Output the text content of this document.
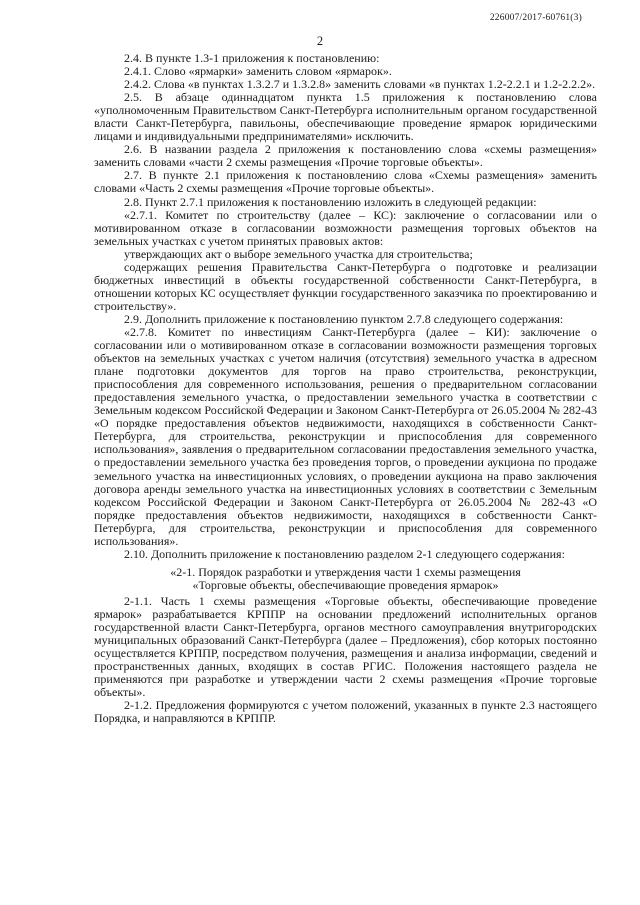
226007/2017-60761(3)
2

2.4. В пункте 1.3-1 приложения к постановлению:

2.4.1. Слово «ярмарки» заменить словом «ярмарок».

2.4.2. Слова «в пунктах 1.3.2.7 и 1.3.2.8» заменить словами «в пунктах 1.2-2.2.1 и 1.2-2.2.2».

2.5. В абзаце одиннадцатом пункта 1.5 приложения к постановлению слова «уполномоченным Правительством Санкт-Петербурга исполнительным органом государственной власти Санкт-Петербурга, павильоны, обеспечивающие проведение ярмарок юридическими лицами и индивидуальными предпринимателями» исключить.

2.6. В названии раздела 2 приложения к постановлению слова «схемы размещения» заменить словами «части 2 схемы размещения «Прочие торговые объекты».

2.7. В пункте 2.1 приложения к постановлению слова «Схемы размещения» заменить словами «Часть 2 схемы размещения «Прочие торговые объекты».

2.8. Пункт 2.7.1 приложения к постановлению изложить в следующей редакции:

«2.7.1. Комитет по строительству (далее – КС): заключение о согласовании или о мотивированном отказе в согласовании возможности размещения торговых объектов на земельных участках с учетом принятых правовых актов:

утверждающих акт о выборе земельного участка для строительства;

содержащих решения Правительства Санкт-Петербурга о подготовке и реализации бюджетных инвестиций в объекты государственной собственности Санкт-Петербурга, в отношении которых КС осуществляет функции государственного заказчика по проектированию и строительству».

2.9. Дополнить приложение к постановлению пунктом 2.7.8 следующего содержания:

«2.7.8. Комитет по инвестициям Санкт-Петербурга (далее – КИ): заключение о согласовании или о мотивированном отказе в согласовании возможности размещения торговых объектов на земельных участках с учетом наличия (отсутствия) земельного участка в адресном плане подготовки документов для торгов на право строительства, реконструкции, приспособления для современного использования, решения о предварительном согласовании предоставления земельного участка, о предоставлении земельного участка в соответствии с Земельным кодексом Российской Федерации и Законом Санкт-Петербурга от 26.05.2004 № 282-43 «О порядке предоставления объектов недвижимости, находящихся в собственности Санкт-Петербурга, для строительства, реконструкции и приспособления для современного использования», заявления о предварительном согласовании предоставления земельного участка, о предоставлении земельного участка без проведения торгов, о проведении аукциона по продаже земельного участка на инвестиционных условиях, о проведении аукциона на право заключения договора аренды земельного участка на инвестиционных условиях в соответствии с Земельным кодексом Российской Федерации и Законом Санкт-Петербурга от 26.05.2004 № 282-43 «О порядке предоставления объектов недвижимости, находящихся в собственности Санкт-Петербурга, для строительства, реконструкции и приспособления для современного использования».

2.10. Дополнить приложение к постановлению разделом 2-1 следующего содержания:

«2-1. Порядок разработки и утверждения части 1 схемы размещения
«Торговые объекты, обеспечивающие проведения ярмарок»

2-1.1. Часть 1 схемы размещения «Торговые объекты, обеспечивающие проведение ярмарок» разрабатывается КРППР на основании предложений исполнительных органов государственной власти Санкт-Петербурга, органов местного самоуправления внутригородских муниципальных образований Санкт-Петербурга (далее – Предложения), сбор которых постоянно осуществляется КРППР, посредством получения, размещения и анализа информации, сведений и пространственных данных, входящих в состав РГИС. Положения настоящего раздела не применяются при разработке и утверждении части 2 схемы размещения «Прочие торговые объекты».

2-1.2. Предложения формируются с учетом положений, указанных в пункте 2.3 настоящего Порядка, и направляются в КРППР.
